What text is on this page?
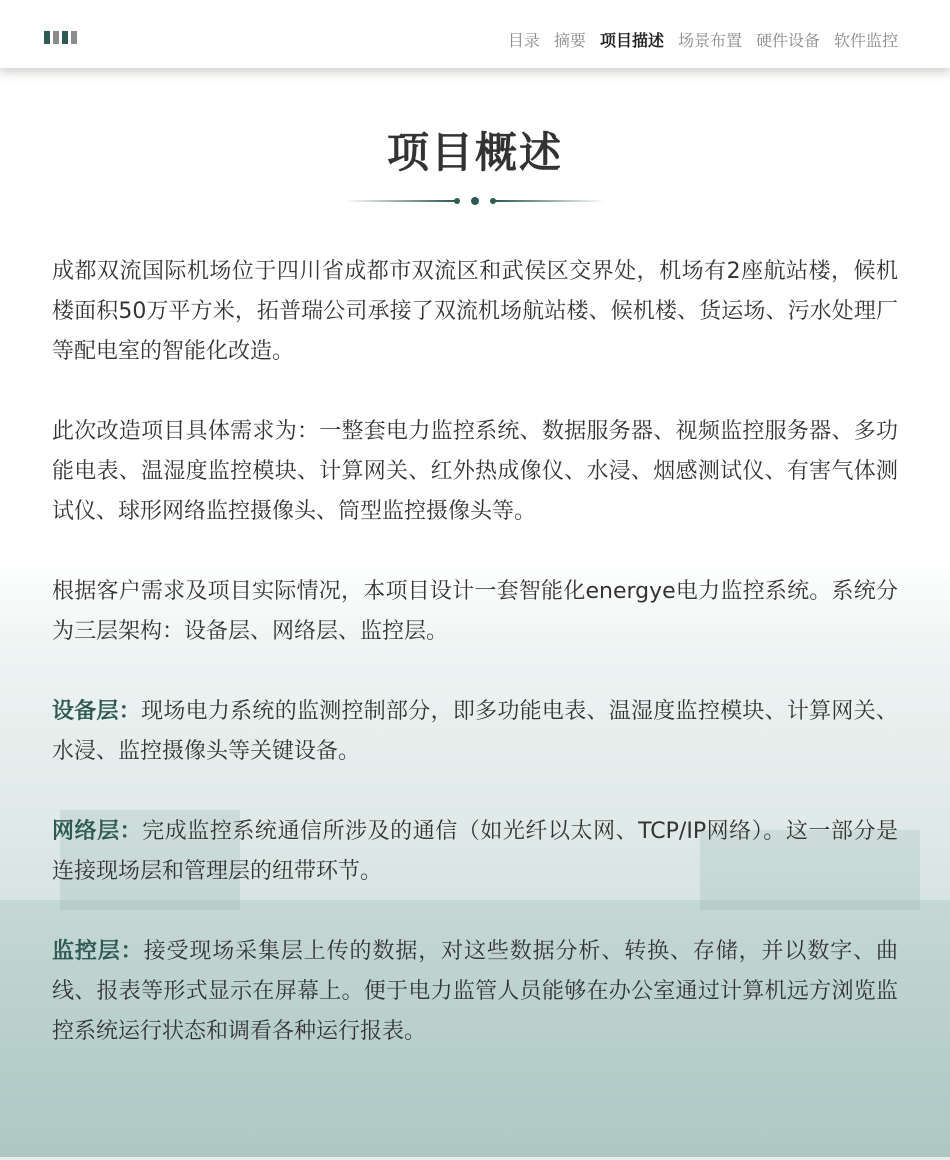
目录 摘要 项目描述 场景布置 硬件设备 软件监控
项目概述

成都双流国际机场位于四川省成都市双流区和武侯区交界处，机场有2座航站楼，候机楼面积50万平方米，拓普瑞公司承接了双流机场航站楼、候机楼、货运场、污水处理厂等配电室的智能化改造。

此次改造项目具体需求为：一整套电力监控系统、数据服务器、视频监控服务器、多功能电表、温湿度监控模块、计算网关、红外热成像仪、水浸、烟感测试仪、有害气体测试仪、球形网络监控摄像头、筒型监控摄像头等。

根据客户需求及项目实际情况，本项目设计一套智能化energye电力监控系统。系统分为三层架构：设备层、网络层、监控层。

设备层：现场电力系统的监测控制部分，即多功能电表、温湿度监控模块、计算网关、水浸、监控摄像头等关键设备。

网络层：完成监控系统通信所涉及的通信（如光纤以太网、TCP/IP网络）。这一部分是连接现场层和管理层的纽带环节。

监控层：接受现场采集层上传的数据，对这些数据分析、转换、存储，并以数字、曲线、报表等形式显示在屏幕上。便于电力监管人员能够在办公室通过计算机远方浏览监控系统运行状态和调看各种运行报表。
